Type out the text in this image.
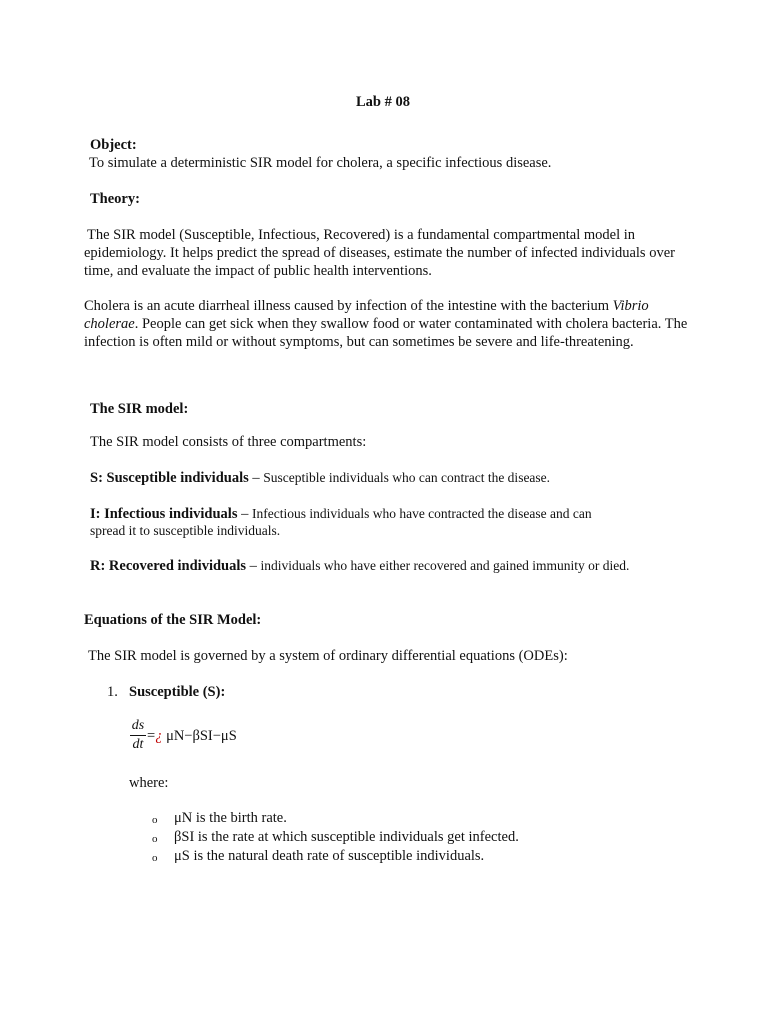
Lab # 08
Object:
To simulate a deterministic SIR model for cholera, a specific infectious disease.
Theory:
The SIR model (Susceptible, Infectious, Recovered) is a fundamental compartmental model in
epidemiology. It helps predict the spread of diseases, estimate the number of infected individuals over
time, and evaluate the impact of public health interventions.
Cholera is an acute diarrheal illness caused by infection of the intestine with the bacterium Vibrio
cholerae. People can get sick when they swallow food or water contaminated with cholera bacteria. The
infection is often mild or without symptoms, but can sometimes be severe and life-threatening.
The SIR model:
The SIR model consists of three compartments:
S: Susceptible individuals – Susceptible individuals who can contract the disease.
I: Infectious individuals – Infectious individuals who have contracted the disease and can
spread it to susceptible individuals.
R: Recovered individuals – individuals who have either recovered and gained immunity or died.
Equations of the SIR Model:
The SIR model is governed by a system of ordinary differential equations (ODEs):
1. Susceptible (S):
ds
dt
=¿ μN−βSI−μS
where:
o μN is the birth rate.
o βSI is the rate at which susceptible individuals get infected.
o μS is the natural death rate of susceptible individuals.
